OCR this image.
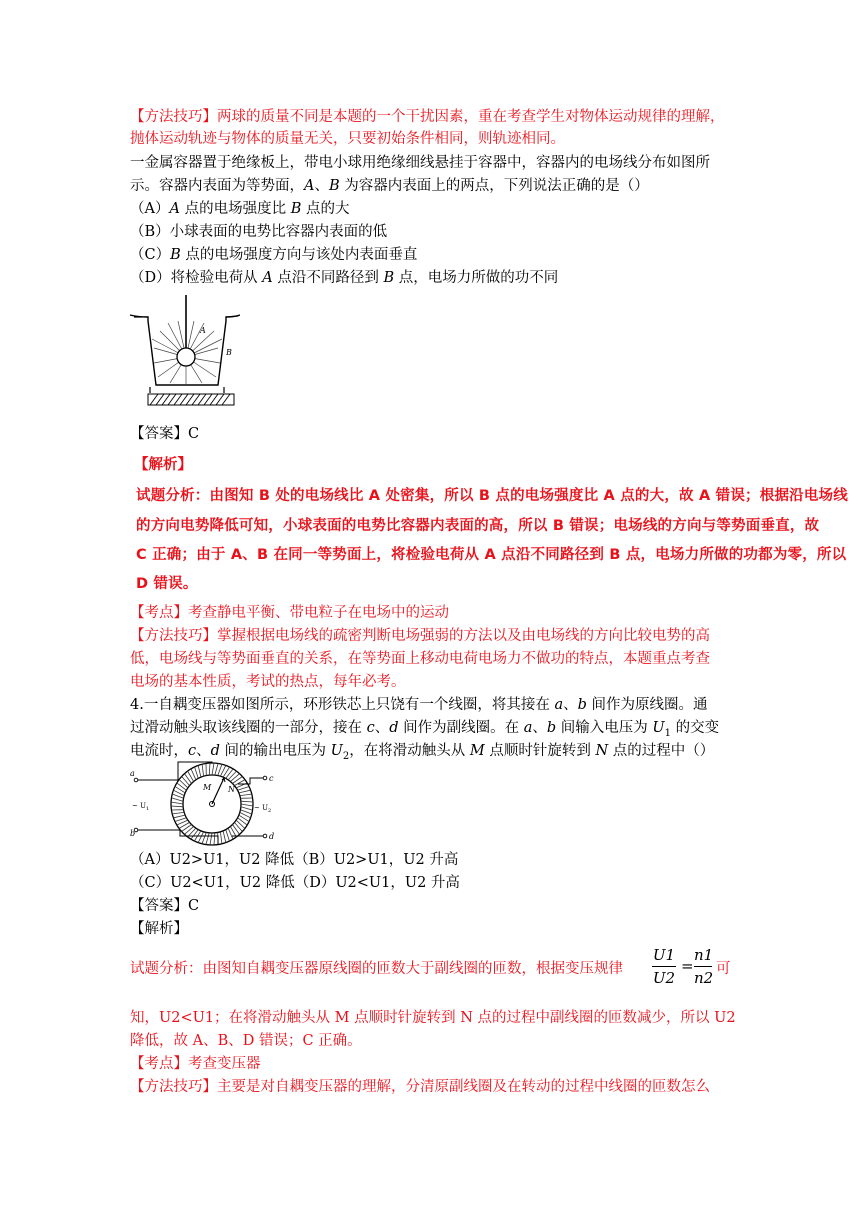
【方法技巧】两球的质量不同是本题的一个干扰因素，重在考查学生对物体运动规律的理解，
抛体运动轨迹与物体的质量无关，只要初始条件相同，则轨迹相同。
一金属容器置于绝缘板上，带电小球用绝缘细线悬挂于容器中，容器内的电场线分布如图所
示。容器内表面为等势面，A、B 为容器内表面上的两点，下列说法正确的是（）
（A）A 点的电场强度比 B 点的大
（B）小球表面的电势比容器内表面的低
（C）B 点的电场强度方向与该处内表面垂直
（D）将检验电荷从 A 点沿不同路径到 B 点，电场力所做的功不同
A
B
【答案】C
【解析】
试题分析：由图知 B 处的电场线比 A 处密集，所以 B 点的电场强度比 A 点的大，故 A 错误；根据沿电场线
的方向电势降低可知，小球表面的电势比容器内表面的高，所以 B 错误；电场线的方向与等势面垂直，故
C 正确；由于 A、B 在同一等势面上，将检验电荷从 A 点沿不同路径到 B 点，电场力所做的功都为零，所以
D 错误。
【考点】考查静电平衡、带电粒子在电场中的运动
【方法技巧】掌握根据电场线的疏密判断电场强弱的方法以及由电场线的方向比较电势的高
低，电场线与等势面垂直的关系，在等势面上移动电荷电场力不做功的特点，本题重点考查
电场的基本性质，考试的热点，每年必考。
4.一自耦变压器如图所示，环形铁芯上只饶有一个线圈，将其接在 a、b 间作为原线圈。通
过滑动触头取该线圈的一部分，接在 c、d 间作为副线圈。在 a、b 间输入电压为 $U_1$ 的交变
电流时，c、d 间的输出电压为 $U_2$，在将滑动触头从 M 点顺时针旋转到 N 点的过程中（）
M N
a
b
c
d
~ $U_1$	~ $U_2$
（A）U2>U1，U2 降低（B）U2>U1，U2 升高
（C）U2<U1，U2 降低（D）U2<U1，U2 升高
【答案】C
【解析】
试题分析：由图知自耦变压器原线圈的匝数大于副线圈的匝数，根据变压规律
U1
U2
=
n1
n2 可
知，U2<U1；在将滑动触头从 M 点顺时针旋转到 N 点的过程中副线圈的匝数减少，所以 U2
降低，故 A、B、D 错误；C 正确。
【考点】考查变压器
【方法技巧】主要是对自耦变压器的理解，分清原副线圈及在转动的过程中线圈的匝数怎么
